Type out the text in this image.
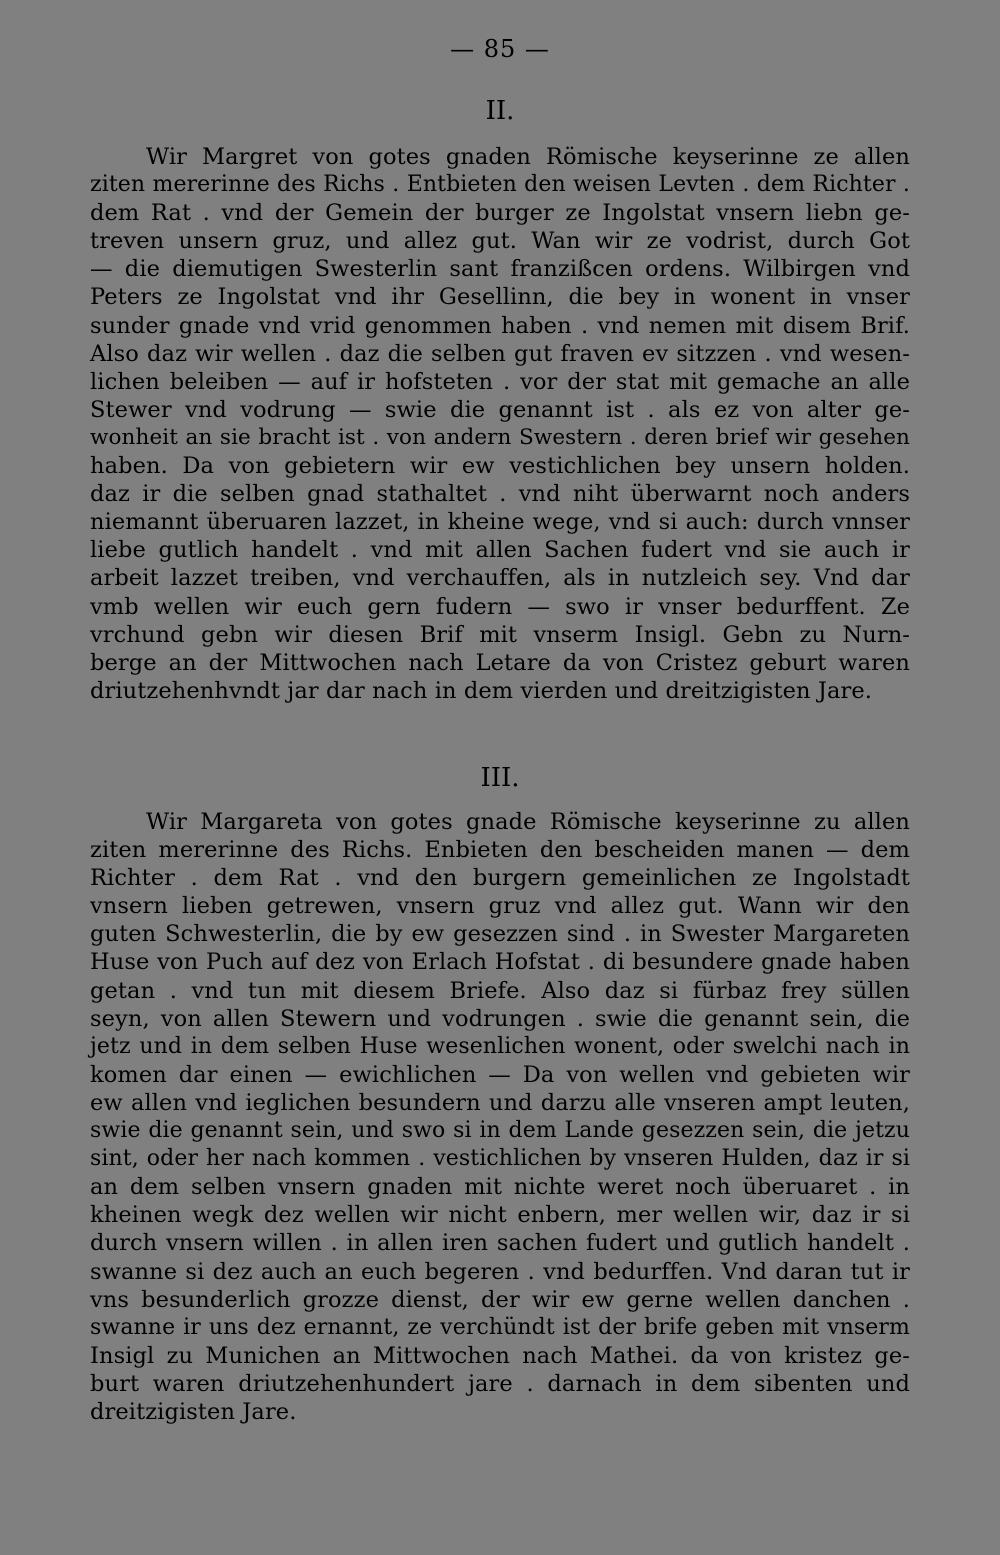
— 85 —
II.
Wir Margret von gotes gnaden Römische keyserinne ze allen
ziten mererinne des Richs . Entbieten den weisen Levten . dem Richter .
dem Rat . vnd der Gemein der burger ze Ingolstat vnsern liebn ge-
treven unsern gruz, und allez gut. Wan wir ze vodrist, durch Got
— die diemutigen Swesterlin sant franzißcen ordens. Wilbirgen vnd
Peters ze Ingolstat vnd ihr Gesellinn, die bey in wonent in vnser
sunder gnade vnd vrid genommen haben . vnd nemen mit disem Brif.
Also daz wir wellen . daz die selben gut fraven ev sitzzen . vnd wesen-
lichen beleiben — auf ir hofsteten . vor der stat mit gemache an alle
Stewer vnd vodrung — swie die genannt ist . als ez von alter ge-
wonheit an sie bracht ist . von andern Swestern . deren brief wir gesehen
haben. Da von gebietern wir ew vestichlichen bey unsern holden.
daz ir die selben gnad stathaltet . vnd niht überwarnt noch anders
niemannt überuaren lazzet, in kheine wege, vnd si auch: durch vnnser
liebe gutlich handelt . vnd mit allen Sachen fudert vnd sie auch ir
arbeit lazzet treiben, vnd verchauffen, als in nutzleich sey. Vnd dar
vmb wellen wir euch gern fudern — swo ir vnser bedurffent. Ze
vrchund gebn wir diesen Brif mit vnserm Insigl. Gebn zu Nurn-
berge an der Mittwochen nach Letare da von Cristez geburt waren
driutzehenhvndt jar dar nach in dem vierden und dreitzigisten Jare.
III.
Wir Margareta von gotes gnade Römische keyserinne zu allen
ziten mererinne des Richs. Enbieten den bescheiden manen — dem
Richter . dem Rat . vnd den burgern gemeinlichen ze Ingolstadt
vnsern lieben getrewen, vnsern gruz vnd allez gut. Wann wir den
guten Schwesterlin, die by ew gesezzen sind . in Swester Margareten
Huse von Puch auf dez von Erlach Hofstat . di besundere gnade haben
getan . vnd tun mit diesem Briefe. Also daz si fürbaz frey süllen
seyn, von allen Stewern und vodrungen . swie die genannt sein, die
jetz und in dem selben Huse wesenlichen wonent, oder swelchi nach in
komen dar einen — ewichlichen — Da von wellen vnd gebieten wir
ew allen vnd ieglichen besundern und darzu alle vnseren ampt leuten,
swie die genannt sein, und swo si in dem Lande gesezzen sein, die jetzu
sint, oder her nach kommen . vestichlichen by vnseren Hulden, daz ir si
an dem selben vnsern gnaden mit nichte weret noch überuaret . in
kheinen wegk dez wellen wir nicht enbern, mer wellen wir, daz ir si
durch vnsern willen . in allen iren sachen fudert und gutlich handelt .
swanne si dez auch an euch begeren . vnd bedurffen. Vnd daran tut ir
vns besunderlich grozze dienst, der wir ew gerne wellen danchen .
swanne ir uns dez ernannt, ze verchündt ist der brife geben mit vnserm
Insigl zu Munichen an Mittwochen nach Mathei. da von kristez ge-
burt waren driutzehenhundert jare . darnach in dem sibenten und
dreitzigisten Jare.
